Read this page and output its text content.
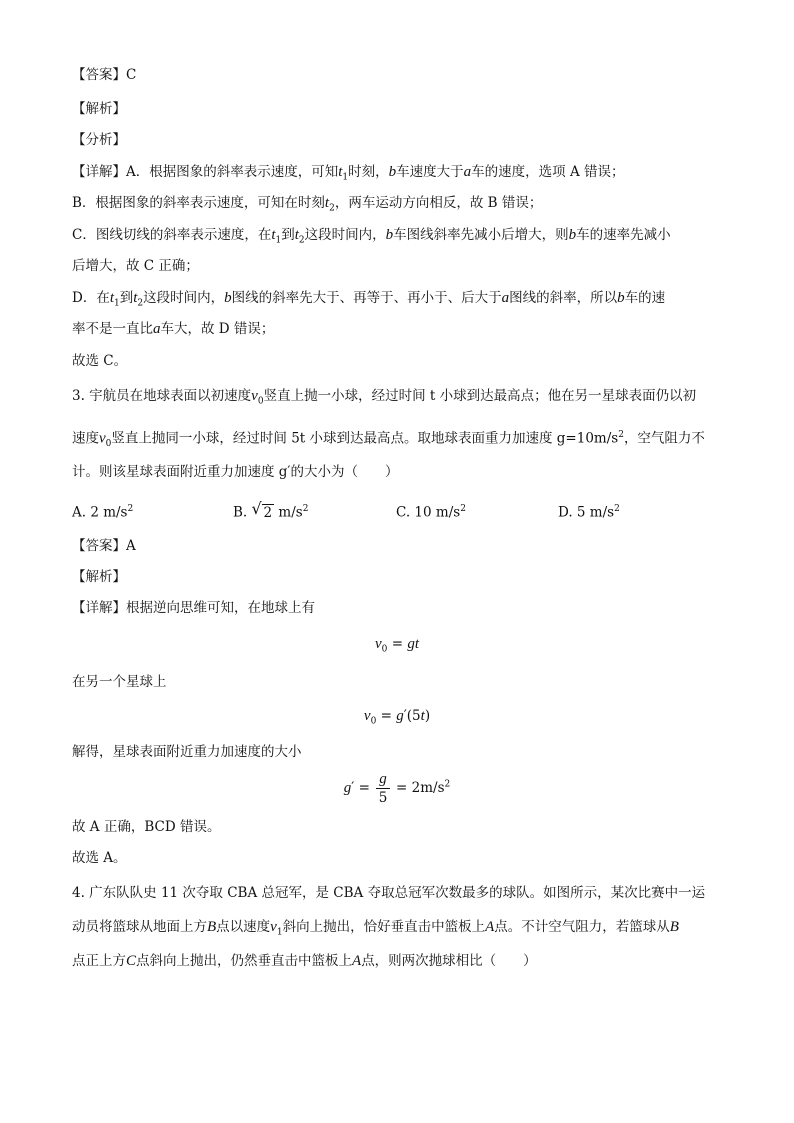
【答案】C
【解析】
【分析】
【详解】A．根据图象的斜率表示速度，可知$t_1$时刻，b车速度大于a车的速度，选项 A 错误；
B．根据图象的斜率表示速度，可知在时刻$t_2$，两车运动方向相反，故 B 错误；
C．图线切线的斜率表示速度，在$t_1$到$t_2$这段时间内，b车图线斜率先减小后增大，则b车的速率先减小
后增大，故 C 正确；
D．在$t_1$到$t_2$这段时间内，b图线的斜率先大于、再等于、再小于、后大于a图线的斜率，所以b车的速
率不是一直比a车大，故 D 错误；
故选 C。
3. 宇航员在地球表面以初速度$v_0$竖直上抛一小球，经过时间 t 小球到达最高点；他在另一星球表面仍以初
速度$v_0$竖直上抛同一小球，经过时间 5t 小球到达最高点。取地球表面重力加速度 $g=10m/s^2$，空气阻力不
计。则该星球表面附近重力加速度 g′的大小为（　　）
A. 2 $m/s^2$	B. √ 2 $m/s^2$	C. 10 $m/s^2$	D. 5 $m/s^2$
【答案】A
【解析】
【详解】根据逆向思维可知，在地球上有
$v_0$ = gt
在另一个星球上
$v_0 = g'(5t)$
解得，星球表面附近重力加速度的大小
$g' = \frac{g}{5} = 2m/s^2$
故 A 正确，BCD 错误。
故选 A。
4. 广东队队史 11 次夺取 CBA 总冠军，是 CBA 夺取总冠军次数最多的球队。如图所示，某次比赛中一运
动员将篮球从地面上方B点以速度$v_1$斜向上抛出，恰好垂直击中篮板上A点。不计空气阻力，若篮球从B
点正上方C点斜向上抛出，仍然垂直击中篮板上A点，则两次抛球相比（　　）
